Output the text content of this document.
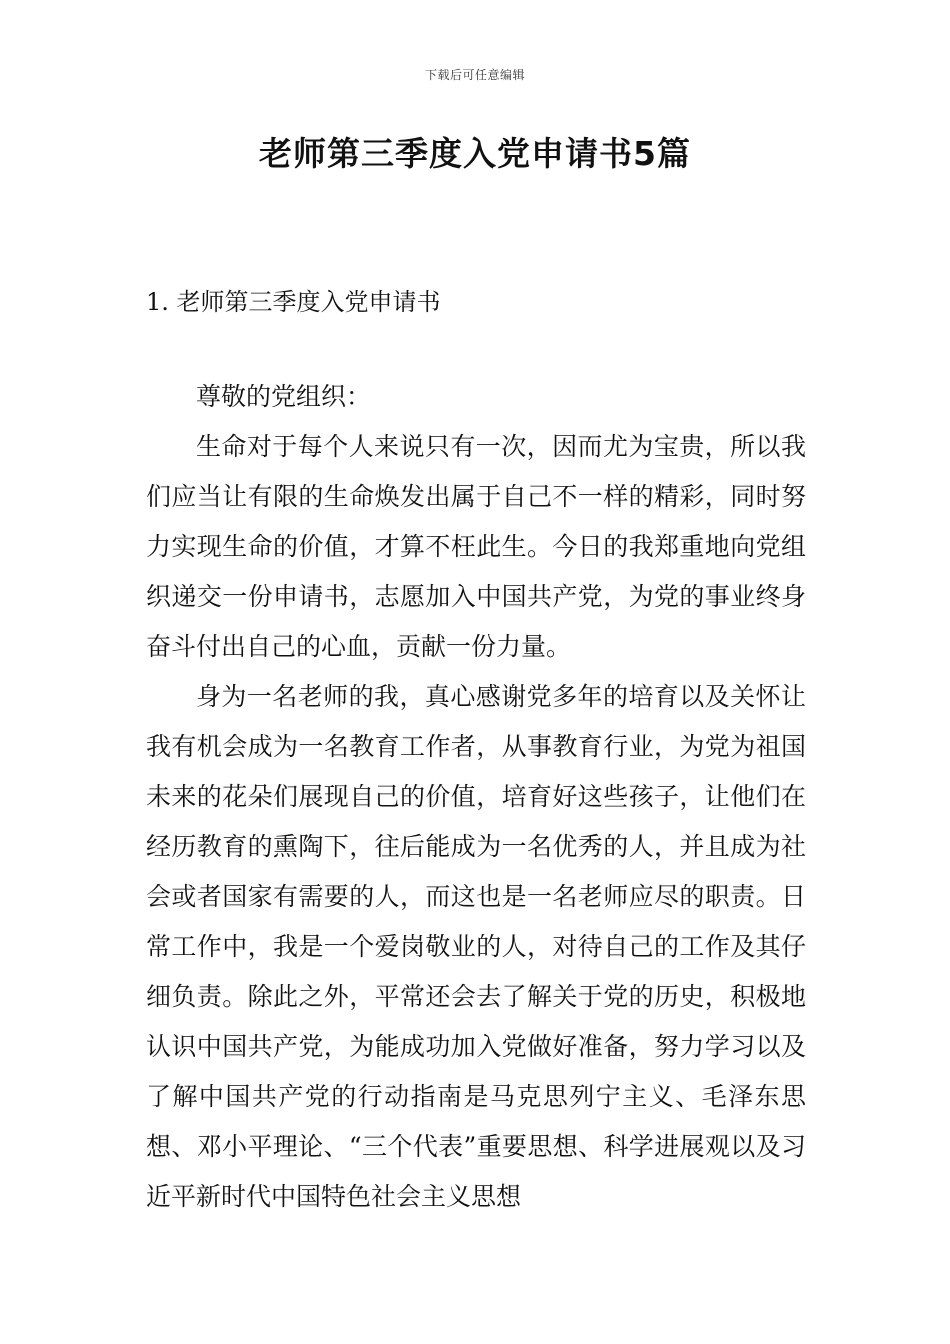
下载后可任意编辑
老师第三季度入党申请书5篇
1. 老师第三季度入党申请书

尊敬的党组织：

生命对于每个人来说只有一次，因而尤为宝贵，所以我们应当让有限的生命焕发出属于自己不一样的精彩，同时努力实现生命的价值，才算不枉此生。今日的我郑重地向党组织递交一份申请书，志愿加入中国共产党，为党的事业终身奋斗付出自己的心血，贡献一份力量。

身为一名老师的我，真心感谢党多年的培育以及关怀让我有机会成为一名教育工作者，从事教育行业，为党为祖国未来的花朵们展现自己的价值，培育好这些孩子，让他们在经历教育的熏陶下，往后能成为一名优秀的人，并且成为社会或者国家有需要的人，而这也是一名老师应尽的职责。日常工作中，我是一个爱岗敬业的人，对待自己的工作及其仔细负责。除此之外，平常还会去了解关于党的历史，积极地认识中国共产党，为能成功加入党做好准备，努力学习以及了解中国共产党的行动指南是马克思列宁主义、毛泽东思想、邓小平理论、“三个代表”重要思想、科学进展观以及习近平新时代中国特色社会主义思想
